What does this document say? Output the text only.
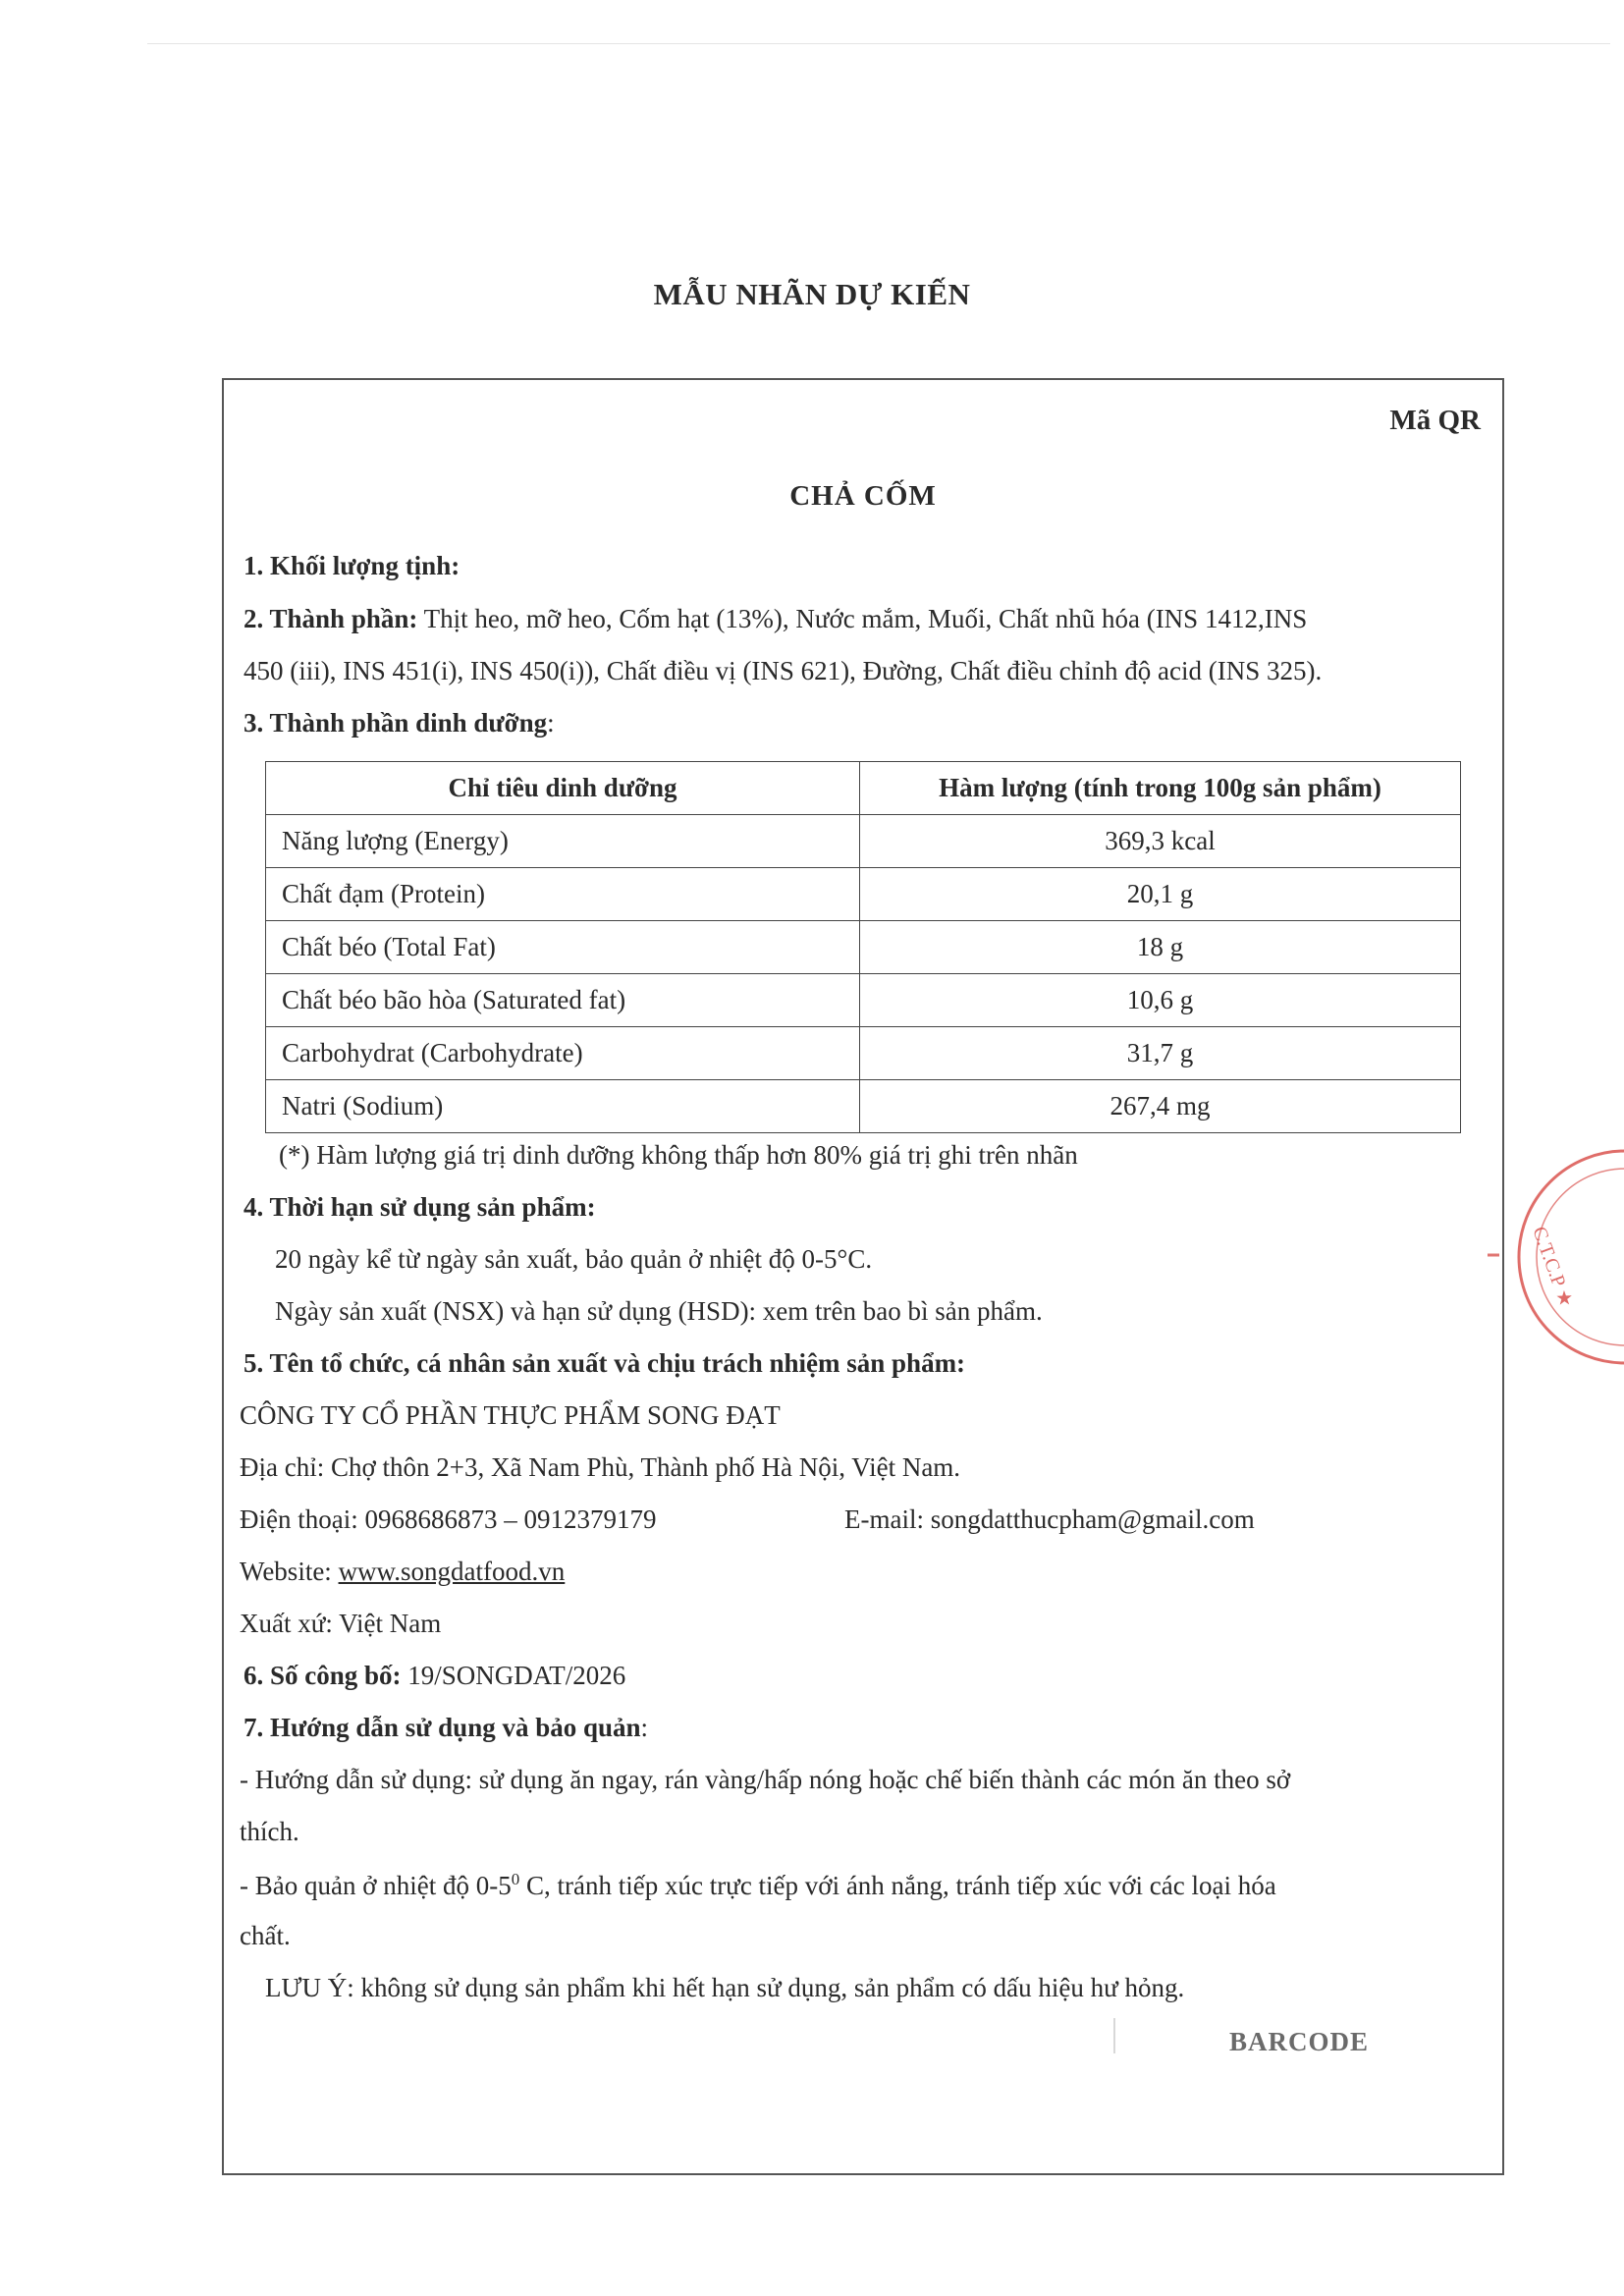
MẪU NHÃN DỰ KIẾN
Mã QR
CHẢ CỐM
1. Khối lượng tịnh:
2. Thành phần: Thịt heo, mỡ heo, Cốm hạt (13%), Nước mắm, Muối, Chất nhũ hóa (INS 1412,INS
450 (iii), INS 451(i), INS 450(i)), Chất điều vị (INS 621), Đường, Chất điều chỉnh độ acid (INS 325).
3. Thành phần dinh dưỡng:
Chỉ tiêu dinh dưỡng	Hàm lượng (tính trong 100g sản phẩm)
Năng lượng (Energy)	369,3 kcal
Chất đạm (Protein)	20,1 g
Chất béo (Total Fat)	18 g
Chất béo bão hòa (Saturated fat)	10,6 g
Carbohydrat (Carbohydrate)	31,7 g
Natri (Sodium)	267,4 mg
(*) Hàm lượng giá trị dinh dưỡng không thấp hơn 80% giá trị ghi trên nhãn
4. Thời hạn sử dụng sản phẩm:
20 ngày kể từ ngày sản xuất, bảo quản ở nhiệt độ 0-5°C.
Ngày sản xuất (NSX) và hạn sử dụng (HSD): xem trên bao bì sản phẩm.
5. Tên tổ chức, cá nhân sản xuất và chịu trách nhiệm sản phẩm:
CÔNG TY CỔ PHẦN THỰC PHẨM SONG ĐẠT
Địa chỉ: Chợ thôn 2+3, Xã Nam Phù, Thành phố Hà Nội, Việt Nam.
Điện thoại: 0968686873 – 0912379179	E-mail: songdatthucpham@gmail.com
Website: www.songdatfood.vn
Xuất xứ: Việt Nam
6. Số công bố: 19/SONGDAT/2026
7. Hướng dẫn sử dụng và bảo quản:
- Hướng dẫn sử dụng: sử dụng ăn ngay, rán vàng/hấp nóng hoặc chế biến thành các món ăn theo sở
thích.
- Bảo quản ở nhiệt độ $0-5^0$ C, tránh tiếp xúc trực tiếp với ánh nắng, tránh tiếp xúc với các loại hóa
chất.
LƯU Ý: không sử dụng sản phẩm khi hết hạn sử dụng, sản phẩm có dấu hiệu hư hỏng.
BARCODE
C.T.C.P ★
